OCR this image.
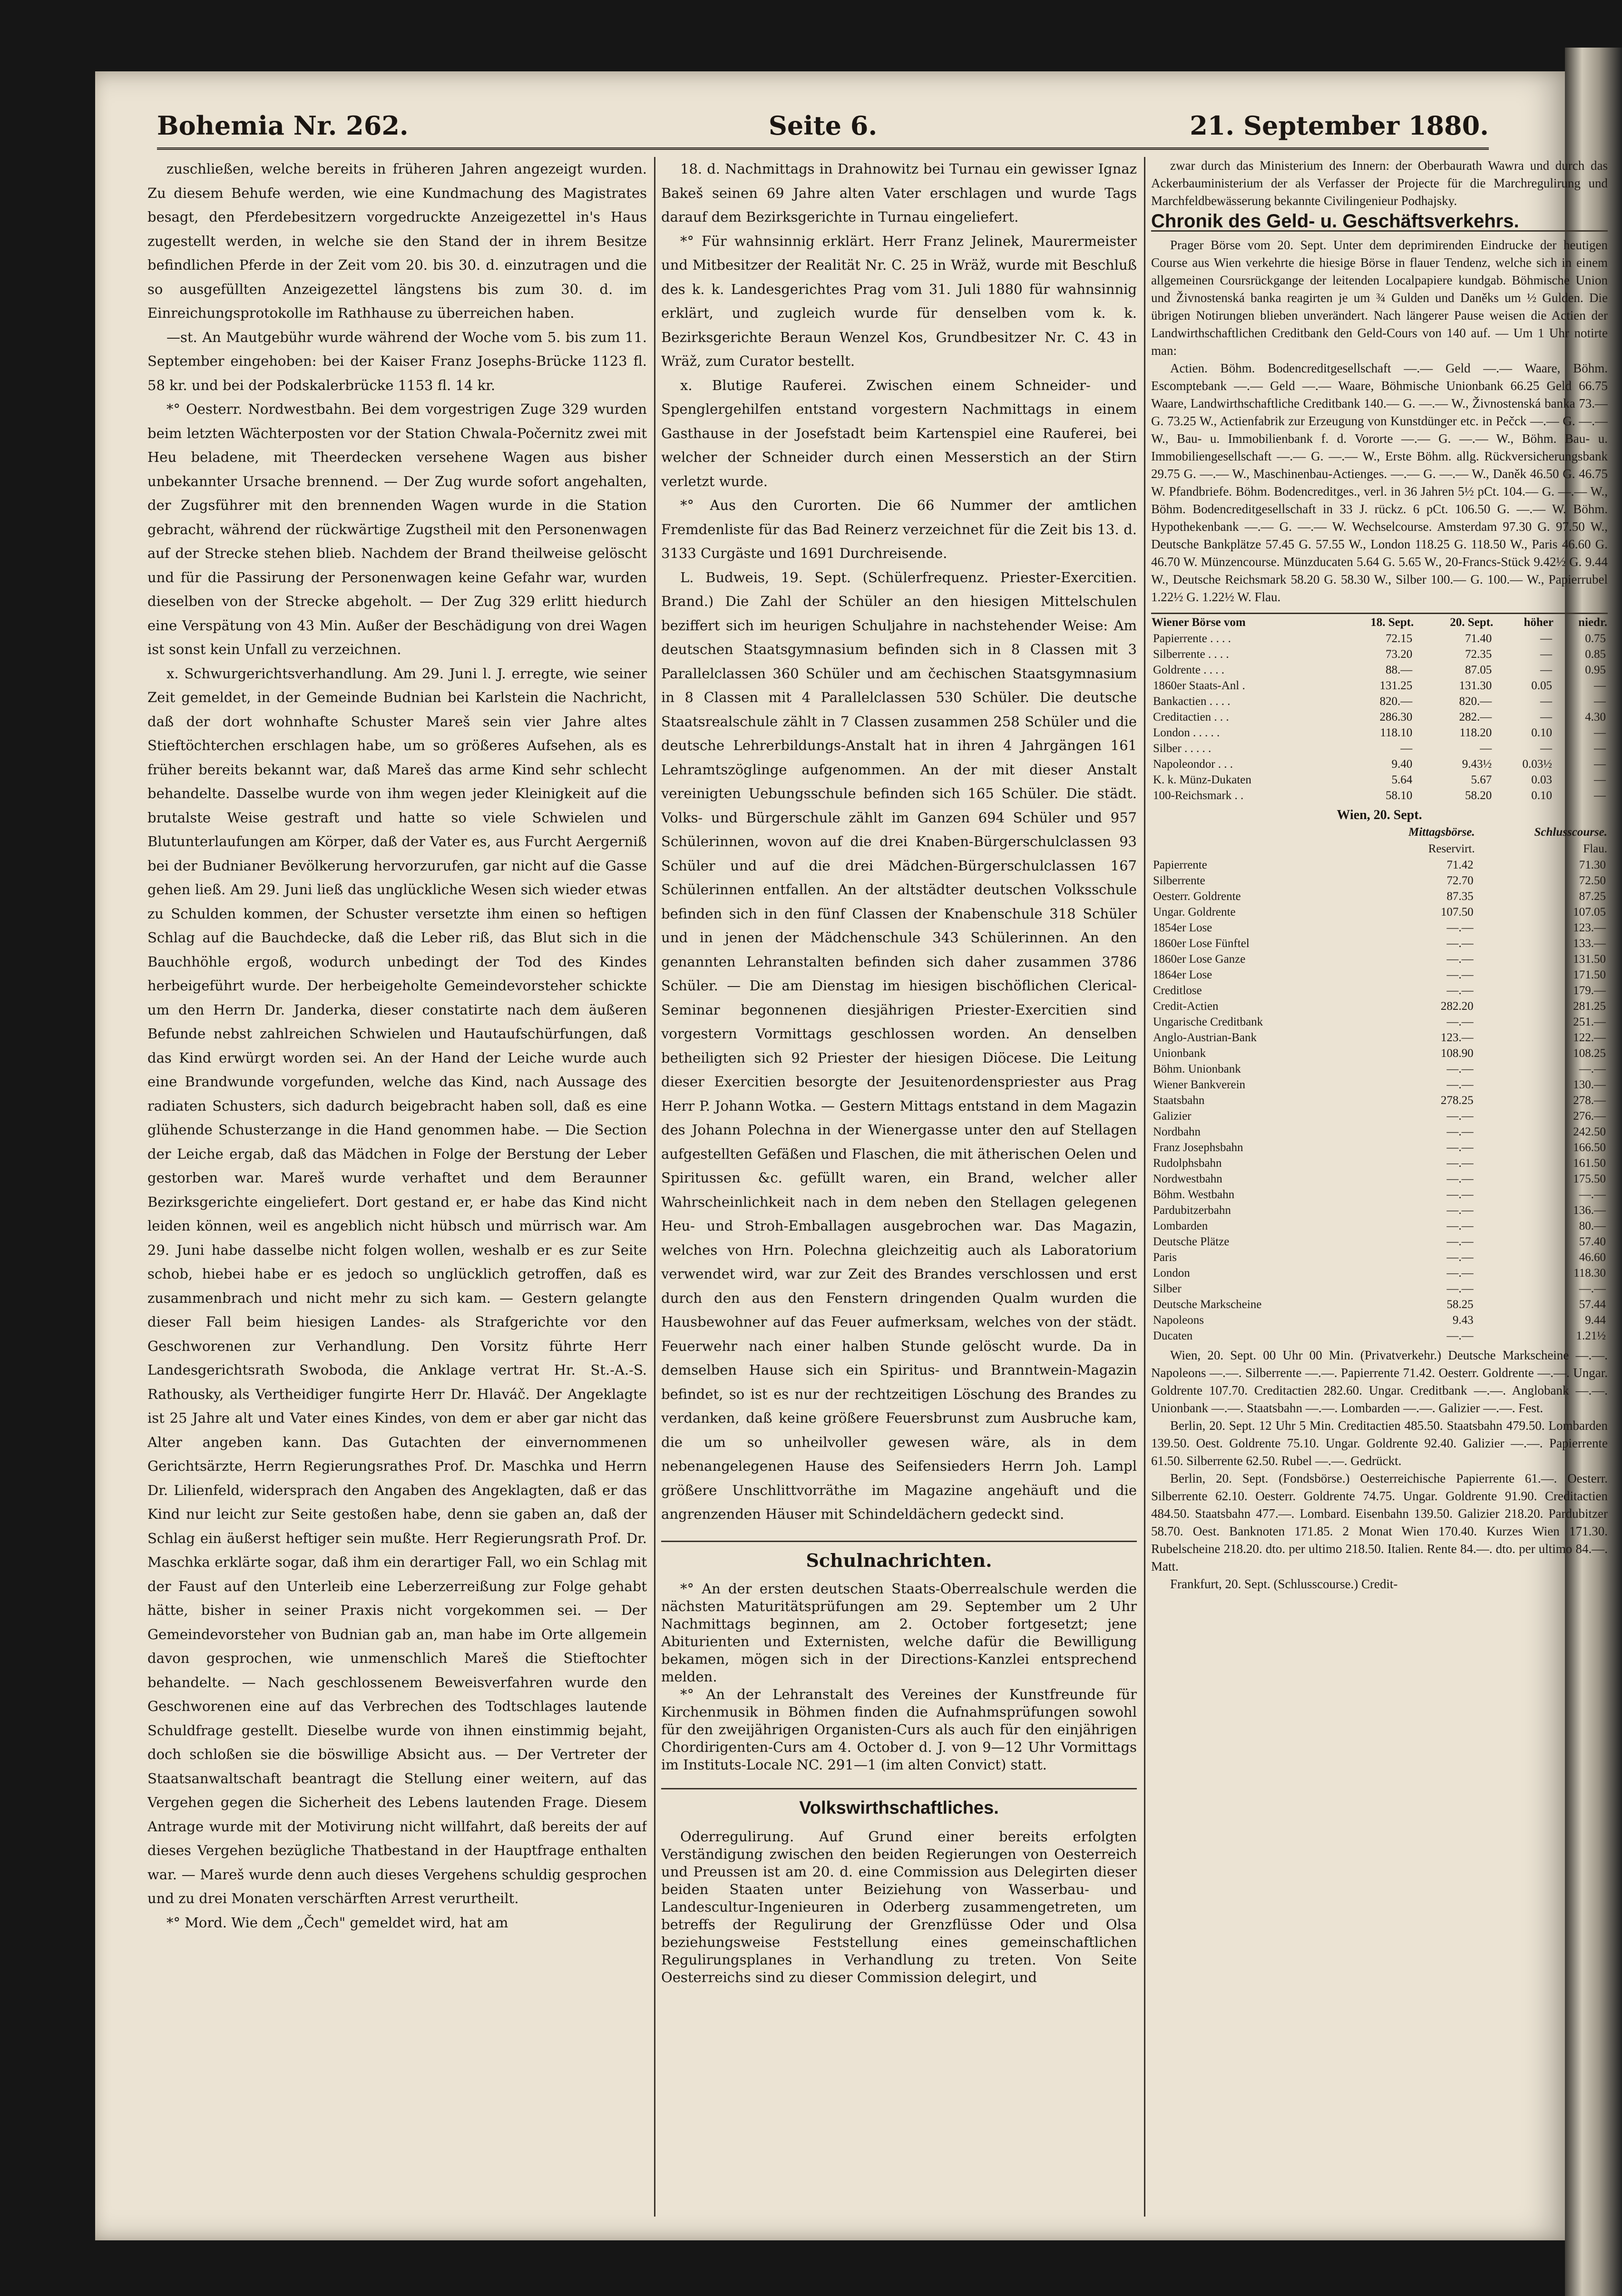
Bohemia Nr. 262.	Seite 6.	21. September 1880.

zuschließen, welche bereits in früheren Jahren angezeigt wurden. Zu diesem Behufe werden, wie eine Kundmachung des Magistrates besagt, den Pferdebesitzern vorgedruckte Anzeigezettel in's Haus zugestellt werden, in welche sie den Stand der in ihrem Besitze befindlichen Pferde in der Zeit vom 20. bis 30. d. einzutragen und die so ausgefüllten Anzeigezettel längstens bis zum 30. d. im Einreichungsprotokolle im Rathhause zu überreichen haben.

—st. An Mautgebühr wurde während der Woche vom 5. bis zum 11. September eingehoben: bei der Kaiser Franz Josephs-Brücke 1123 fl. 58 kr. und bei der Podskalerbrücke 1153 fl. 14 kr.

*° Oesterr. Nordwestbahn. Bei dem vorgestrigen Zuge 329 wurden beim letzten Wächterposten vor der Station Chwala-Počernitz zwei mit Heu beladene, mit Theerdecken versehene Wagen aus bisher unbekannter Ursache brennend. — Der Zug wurde sofort angehalten, der Zugsführer mit den brennenden Wagen wurde in die Station gebracht, während der rückwärtige Zugstheil mit den Personenwagen auf der Strecke stehen blieb. Nachdem der Brand theilweise gelöscht und für die Passirung der Personenwagen keine Gefahr war, wurden dieselben von der Strecke abgeholt. — Der Zug 329 erlitt hiedurch eine Verspätung von 43 Min. Außer der Beschädigung von drei Wagen ist sonst kein Unfall zu verzeichnen.

x. Schwurgerichtsverhandlung. Am 29. Juni l. J. erregte, wie seiner Zeit gemeldet, in der Gemeinde Budnian bei Karlstein die Nachricht, daß der dort wohnhafte Schuster Mareš sein vier Jahre altes Stieftöchterchen erschlagen habe, um so größeres Aufsehen, als es früher bereits bekannt war, daß Mareš das arme Kind sehr schlecht behandelte. Dasselbe wurde von ihm wegen jeder Kleinigkeit auf die brutalste Weise gestraft und hatte so viele Schwielen und Blutunterlaufungen am Körper, daß der Vater es, aus Furcht Aergerniß bei der Budnianer Bevölkerung hervorzurufen, gar nicht auf die Gasse gehen ließ. Am 29. Juni ließ das unglückliche Wesen sich wieder etwas zu Schulden kommen, der Schuster versetzte ihm einen so heftigen Schlag auf die Bauchdecke, daß die Leber riß, das Blut sich in die Bauchhöhle ergoß, wodurch unbedingt der Tod des Kindes herbeigeführt wurde. Der herbeigeholte Gemeindevorsteher schickte um den Herrn Dr. Janderka, dieser constatirte nach dem äußeren Befunde nebst zahlreichen Schwielen und Hautaufschürfungen, daß das Kind erwürgt worden sei. An der Hand der Leiche wurde auch eine Brandwunde vorgefunden, welche das Kind, nach Aussage des radiaten Schusters, sich dadurch beigebracht haben soll, daß es eine glühende Schusterzange in die Hand genommen habe. — Die Section der Leiche ergab, daß das Mädchen in Folge der Berstung der Leber gestorben war. Mareš wurde verhaftet und dem Beraunner Bezirksgerichte eingeliefert. Dort gestand er, er habe das Kind nicht leiden können, weil es angeblich nicht hübsch und mürrisch war. Am 29. Juni habe dasselbe nicht folgen wollen, weshalb er es zur Seite schob, hiebei habe er es jedoch so unglücklich getroffen, daß es zusammenbrach und nicht mehr zu sich kam. — Gestern gelangte dieser Fall beim hiesigen Landes- als Strafgerichte vor den Geschworenen zur Verhandlung. Den Vorsitz führte Herr Landesgerichtsrath Swoboda, die Anklage vertrat Hr. St.-A.-S. Rathousky, als Vertheidiger fungirte Herr Dr. Hlaváč. Der Angeklagte ist 25 Jahre alt und Vater eines Kindes, von dem er aber gar nicht das Alter angeben kann. Das Gutachten der einvernommenen Gerichtsärzte, Herrn Regierungsrathes Prof. Dr. Maschka und Herrn Dr. Lilienfeld, widersprach den Angaben des Angeklagten, daß er das Kind nur leicht zur Seite gestoßen habe, denn sie gaben an, daß der Schlag ein äußerst heftiger sein mußte. Herr Regierungsrath Prof. Dr. Maschka erklärte sogar, daß ihm ein derartiger Fall, wo ein Schlag mit der Faust auf den Unterleib eine Leberzerreißung zur Folge gehabt hätte, bisher in seiner Praxis nicht vorgekommen sei. — Der Gemeindevorsteher von Budnian gab an, man habe im Orte allgemein davon gesprochen, wie unmenschlich Mareš die Stieftochter behandelte. — Nach geschlossenem Beweisverfahren wurde den Geschworenen eine auf das Verbrechen des Todtschlages lautende Schuldfrage gestellt. Dieselbe wurde von ihnen einstimmig bejaht, doch schloßen sie die böswillige Absicht aus. — Der Vertreter der Staatsanwaltschaft beantragt die Stellung einer weitern, auf das Vergehen gegen die Sicherheit des Lebens lautenden Frage. Diesem Antrage wurde mit der Motivirung nicht willfahrt, daß bereits der auf dieses Vergehen bezügliche Thatbestand in der Hauptfrage enthalten war. — Mareš wurde denn auch dieses Vergehens schuldig gesprochen und zu drei Monaten verschärften Arrest verurtheilt.

*° Mord. Wie dem „Čech" gemeldet wird, hat am

18. d. Nachmittags in Drahnowitz bei Turnau ein gewisser Ignaz Bakeš seinen 69 Jahre alten Vater erschlagen und wurde Tags darauf dem Bezirksgerichte in Turnau eingeliefert.

*° Für wahnsinnig erklärt. Herr Franz Jelinek, Maurermeister und Mitbesitzer der Realität Nr. C. 25 in Wräž, wurde mit Beschluß des k. k. Landesgerichtes Prag vom 31. Juli 1880 für wahnsinnig erklärt, und zugleich wurde für denselben vom k. k. Bezirksgerichte Beraun Wenzel Kos, Grundbesitzer Nr. C. 43 in Wräž, zum Curator bestellt.

x. Blutige Rauferei. Zwischen einem Schneider- und Spenglergehilfen entstand vorgestern Nachmittags in einem Gasthause in der Josefstadt beim Kartenspiel eine Rauferei, bei welcher der Schneider durch einen Messerstich an der Stirn verletzt wurde.

*° Aus den Curorten. Die 66 Nummer der amtlichen Fremdenliste für das Bad Reinerz verzeichnet für die Zeit bis 13. d. 3133 Curgäste und 1691 Durchreisende.

L. Budweis, 19. Sept. (Schülerfrequenz. Priester-Exercitien. Brand.) Die Zahl der Schüler an den hiesigen Mittelschulen beziffert sich im heurigen Schuljahre in nachstehender Weise: Am deutschen Staatsgymnasium befinden sich in 8 Classen mit 3 Parallelclassen 360 Schüler und am čechischen Staatsgymnasium in 8 Classen mit 4 Parallelclassen 530 Schüler. Die deutsche Staatsrealschule zählt in 7 Classen zusammen 258 Schüler und die deutsche Lehrerbildungs-Anstalt hat in ihren 4 Jahrgängen 161 Lehramtszöglinge aufgenommen. An der mit dieser Anstalt vereinigten Uebungsschule befinden sich 165 Schüler. Die städt. Volks- und Bürgerschule zählt im Ganzen 694 Schüler und 957 Schülerinnen, wovon auf die drei Knaben-Bürgerschulclassen 93 Schüler und auf die drei Mädchen-Bürgerschulclassen 167 Schülerinnen entfallen. An der altstädter deutschen Volksschule befinden sich in den fünf Classen der Knabenschule 318 Schüler und in jenen der Mädchenschule 343 Schülerinnen. An den genannten Lehranstalten befinden sich daher zusammen 3786 Schüler. — Die am Dienstag im hiesigen bischöflichen Clerical-Seminar begonnenen diesjährigen Priester-Exercitien sind vorgestern Vormittags geschlossen worden. An denselben betheiligten sich 92 Priester der hiesigen Diöcese. Die Leitung dieser Exercitien besorgte der Jesuitenordenspriester aus Prag Herr P. Johann Wotka. — Gestern Mittags entstand in dem Magazin des Johann Polechna in der Wienergasse unter den auf Stellagen aufgestellten Gefäßen und Flaschen, die mit ätherischen Oelen und Spiritussen &c. gefüllt waren, ein Brand, welcher aller Wahrscheinlichkeit nach in dem neben den Stellagen gelegenen Heu- und Stroh-Emballagen ausgebrochen war. Das Magazin, welches von Hrn. Polechna gleichzeitig auch als Laboratorium verwendet wird, war zur Zeit des Brandes verschlossen und erst durch den aus den Fenstern dringenden Qualm wurden die Hausbewohner auf das Feuer aufmerksam, welches von der städt. Feuerwehr nach einer halben Stunde gelöscht wurde. Da in demselben Hause sich ein Spiritus- und Branntwein-Magazin befindet, so ist es nur der rechtzeitigen Löschung des Brandes zu verdanken, daß keine größere Feuersbrunst zum Ausbruche kam, die um so unheilvoller gewesen wäre, als in dem nebenangelegenen Hause des Seifensieders Herrn Joh. Lampl größere Unschlittvorräthe im Magazine angehäuft und die angrenzenden Häuser mit Schindeldächern gedeckt sind.

Schulnachrichten.

*° An der ersten deutschen Staats-Oberrealschule werden die nächsten Maturitätsprüfungen am 29. September um 2 Uhr Nachmittags beginnen, am 2. October fortgesetzt; jene Abiturienten und Externisten, welche dafür die Bewilligung bekamen, mögen sich in der Directions-Kanzlei entsprechend melden.

*° An der Lehranstalt des Vereines der Kunstfreunde für Kirchenmusik in Böhmen finden die Aufnahmsprüfungen sowohl für den zweijährigen Organisten-Curs als auch für den einjährigen Chordirigenten-Curs am 4. October d. J. von 9—12 Uhr Vormittags im Instituts-Locale NC. 291—1 (im alten Convict) statt.

Volkswirthschaftliches.

Oderregulirung. Auf Grund einer bereits erfolgten Verständigung zwischen den beiden Regierungen von Oesterreich und Preussen ist am 20. d. eine Commission aus Delegirten dieser beiden Staaten unter Beiziehung von Wasserbau- und Landescultur-Ingenieuren in Oderberg zusammengetreten, um betreffs der Regulirung der Grenzflüsse Oder und Olsa beziehungsweise Feststellung eines gemeinschaftlichen Regulirungsplanes in Verhandlung zu treten. Von Seite Oesterreichs sind zu dieser Commission delegirt, und

zwar durch das Ministerium des Innern: der Oberbaurath Wawra und durch das Ackerbauministerium der als Verfasser der Projecte für die Marchregulirung und Marchfeldbewässerung bekannte Civilingenieur Podhajsky.

Chronik des Geld- u. Geschäftsverkehrs.

Prager Börse vom 20. Sept. Unter dem deprimirenden Eindrucke der heutigen Course aus Wien verkehrte die hiesige Börse in flauer Tendenz, welche sich in einem allgemeinen Coursrückgange der leitenden Localpapiere kundgab. Böhmische Union und Živnostenská banka reagirten je um ¾ Gulden und Daněks um ½ Gulden. Die übrigen Notirungen blieben unverändert. Nach längerer Pause weisen die Actien der Landwirthschaftlichen Creditbank den Geld-Cours von 140 auf. — Um 1 Uhr notirte man:

Actien. Böhm. Bodencreditgesellschaft —.— Geld —.— Waare, Böhm. Escomptebank —.— Geld —.— Waare, Böhmische Unionbank 66.25 Geld 66.75 Waare, Landwirthschaftliche Creditbank 140.— G. —.— W., Živnostenská banka 73.— G. 73.25 W., Actienfabrik zur Erzeugung von Kunstdünger etc. in Pečck —.— G. —.— W., Bau- u. Immobilienbank f. d. Vororte —.— G. —.— W., Böhm. Bau- u. Immobiliengesellschaft —.— G. —.— W., Erste Böhm. allg. Rückversicherungsbank 29.75 G. —.— W., Maschinenbau-Actienges. —.— G. —.— W., Daněk 46.50 G. 46.75 W. Pfandbriefe. Böhm. Bodencreditges., verl. in 36 Jahren 5½ pCt. 104.— G. —.— W., Böhm. Bodencreditgesellschaft in 33 J. rückz. 6 pCt. 106.50 G. —.— W. Böhm. Hypothekenbank —.— G. —.— W. Wechselcourse. Amsterdam 97.30 G. 97.50 W., Deutsche Bankplätze 57.45 G. 57.55 W., London 118.25 G. 118.50 W., Paris 46.60 G. 46.70 W. Münzencourse. Münzducaten 5.64 G. 5.65 W., 20-Francs-Stück 9.42½ G. 9.44 W., Deutsche Reichsmark 58.20 G. 58.30 W., Silber 100.— G. 100.— W., Papierrubel 1.22½ G. 1.22½ W. Flau.

Wiener Börse vom	18. Sept.	20. Sept.	höher	niedr.
Papierrente . . . .	72.15	71.40	—	0.75
Silberrente . . . .	73.20	72.35	—	0.85
Goldrente . . . .	88.—	87.05	—	0.95
1860er Staats-Anl .	131.25	131.30	0.05	—
Bankactien . . . .	820.—	820.—	—	—
Creditactien . . .	286.30	282.—	—	4.30
London . . . . .	118.10	118.20	0.10	—
Silber . . . . .	—	—	—	—
Napoleondor . . .	9.40	9.43½	0.03½	—
K. k. Münz-Dukaten	5.64	5.67	0.03	—
100-Reichsmark . .	58.10	58.20	0.10	—
Wien, 20. Sept.
	Mittagsbörse.	Schlusscourse.
	Reservirt.	Flau.
Papierrente	71.42	71.30
Silberrente	72.70	72.50
Oesterr. Goldrente	87.35	87.25
Ungar. Goldrente	107.50	107.05
1854er Lose	—.—	123.—
1860er Lose Fünftel	—.—	133.—
1860er Lose Ganze	—.—	131.50
1864er Lose	—.—	171.50
Creditlose	—.—	179.—
Credit-Actien	282.20	281.25
Ungarische Creditbank	—.—	251.—
Anglo-Austrian-Bank	123.—	122.—
Unionbank	108.90	108.25
Böhm. Unionbank	—.—	—.—
Wiener Bankverein	—.—	130.—
Staatsbahn	278.25	278.—
Galizier	—.—	276.—
Nordbahn	—.—	242.50
Franz Josephsbahn	—.—	166.50
Rudolphsbahn	—.—	161.50
Nordwestbahn	—.—	175.50
Böhm. Westbahn	—.—	—.—
Pardubitzerbahn	—.—	136.—
Lombarden	—.—	80.—
Deutsche Plätze	—.—	57.40
Paris	—.—	46.60
London	—.—	118.30
Silber	—.—	—.—
Deutsche Markscheine	58.25	57.44
Napoleons	9.43	9.44
Ducaten	—.—	1.21½

Wien, 20. Sept. 00 Uhr 00 Min. (Privatverkehr.) Deutsche Markscheine —.—. Napoleons —.—. Silberrente —.—. Papierrente 71.42. Oesterr. Goldrente —.—. Ungar. Goldrente 107.70. Creditactien 282.60. Ungar. Creditbank —.—. Anglobank —.—. Unionbank —.—. Staatsbahn —.—. Lombarden —.—. Galizier —.—. Fest.

Berlin, 20. Sept. 12 Uhr 5 Min. Creditactien 485.50. Staatsbahn 479.50. Lombarden 139.50. Oest. Goldrente 75.10. Ungar. Goldrente 92.40. Galizier —.—. Papierrente 61.50. Silberrente 62.50. Rubel —.—. Gedrückt.

Berlin, 20. Sept. (Fondsbörse.) Oesterreichische Papierrente 61.—. Oesterr. Silberrente 62.10. Oesterr. Goldrente 74.75. Ungar. Goldrente 91.90. Creditactien 484.50. Staatsbahn 477.—. Lombard. Eisenbahn 139.50. Galizier 218.20. Pardubitzer 58.70. Oest. Banknoten 171.85. 2 Monat Wien 170.40. Kurzes Wien 171.30. Rubelscheine 218.20. dto. per ultimo 218.50. Italien. Rente 84.—. dto. per ultimo 84.—. Matt.

Frankfurt, 20. Sept. (Schlusscourse.) Credit-
